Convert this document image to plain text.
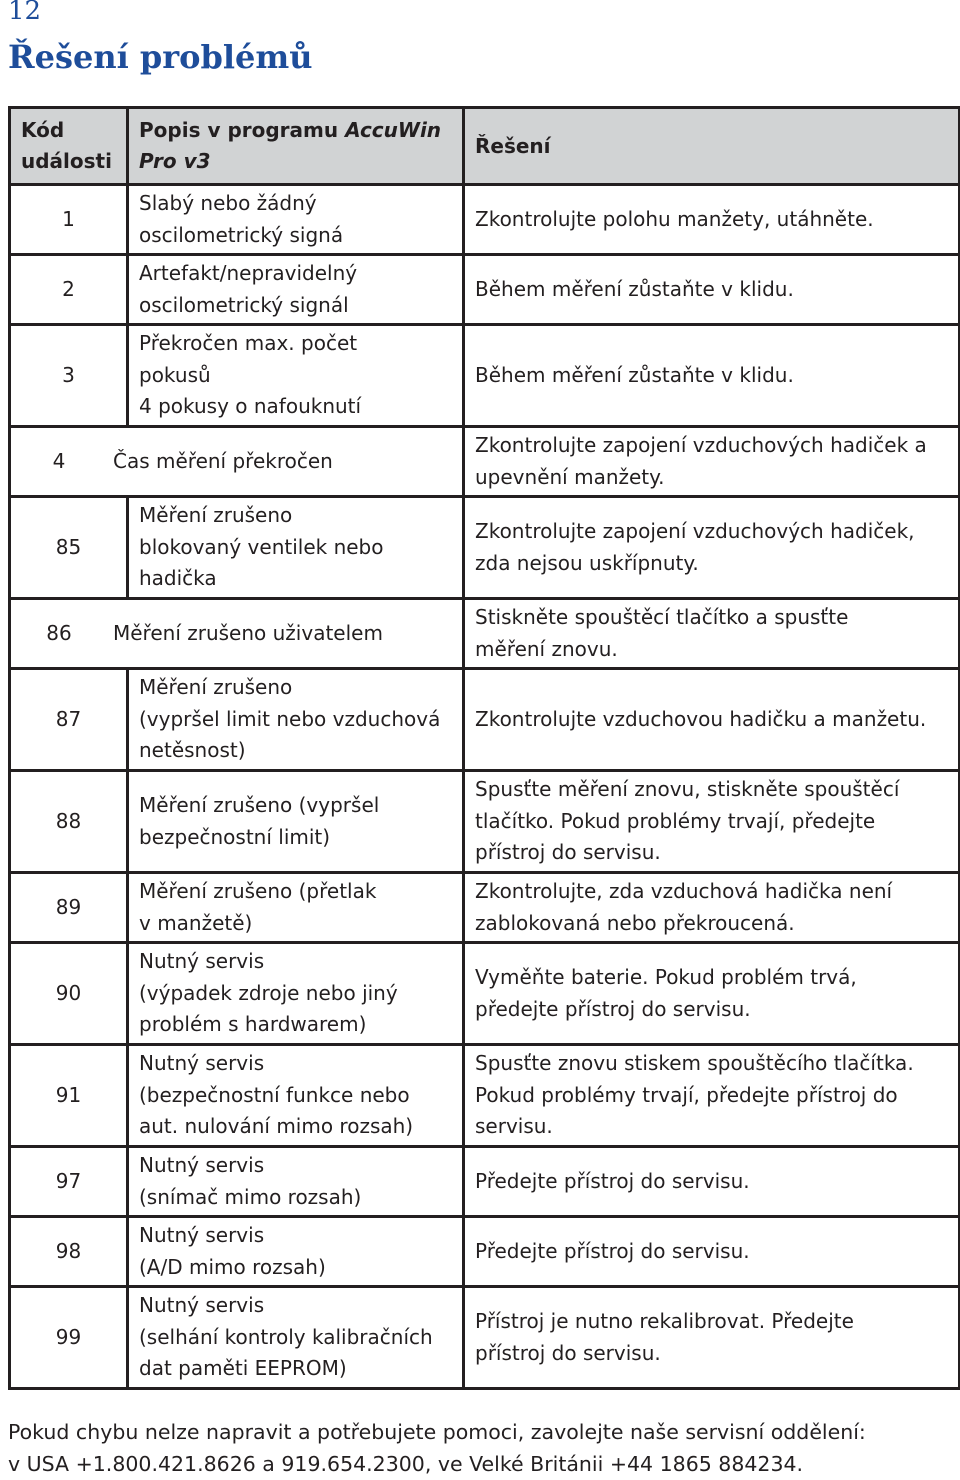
12
Řešení problémů
Kód
události	Popis v programu AccuWin Pro v3	Řešení
1	Slabý nebo žádný
oscilometrický signá	Zkontrolujte polohu manžety, utáhněte.
2	Artefakt/nepravidelný
oscilometrický signál	Během měření zůstaňte v klidu.
3	Překročen max. počet
pokusů
4 pokusy o nafouknutí	Během měření zůstaňte v klidu.
4 Čas měření překročen		Zkontrolujte zapojení vzduchových hadiček a
upevnění manžety.
85	Měření zrušeno
blokovaný ventilek nebo
hadička	Zkontrolujte zapojení vzduchových hadiček,
zda nejsou uskřípnuty.
86 Měření zrušeno uživatelem		Stiskněte spouštěcí tlačítko a spusťte
měření znovu.
87	Měření zrušeno
(vypršel limit nebo vzduchová
netěsnost)	Zkontrolujte vzduchovou hadičku a manžetu.
88	Měření zrušeno (vypršel
bezpečnostní limit)	Spusťte měření znovu, stiskněte spouštěcí
tlačítko. Pokud problémy trvají, předejte
přístroj do servisu.
89	Měření zrušeno (přetlak
v manžetě)	Zkontrolujte, zda vzduchová hadička není
zablokovaná nebo překroucená.
90	Nutný servis
(výpadek zdroje nebo jiný
problém s hardwarem)	Vyměňte baterie. Pokud problém trvá,
předejte přístroj do servisu.
91	Nutný servis
(bezpečnostní funkce nebo
aut. nulování mimo rozsah)	Spusťte znovu stiskem spouštěcího tlačítka.
Pokud problémy trvají, předejte přístroj do
servisu.
97	Nutný servis
(snímač mimo rozsah)	Předejte přístroj do servisu.
98	Nutný servis
(A/D mimo rozsah)	Předejte přístroj do servisu.
99	Nutný servis
(selhání kontroly kalibračních
dat paměti EEPROM)	Přístroj je nutno rekalibrovat. Předejte
přístroj do servisu.
Pokud chybu nelze napravit a potřebujete pomoci, zavolejte naše servisní oddělení:
v USA +1.800.421.8626 a 919.654.2300, ve Velké Británii +44 1865 884234.
